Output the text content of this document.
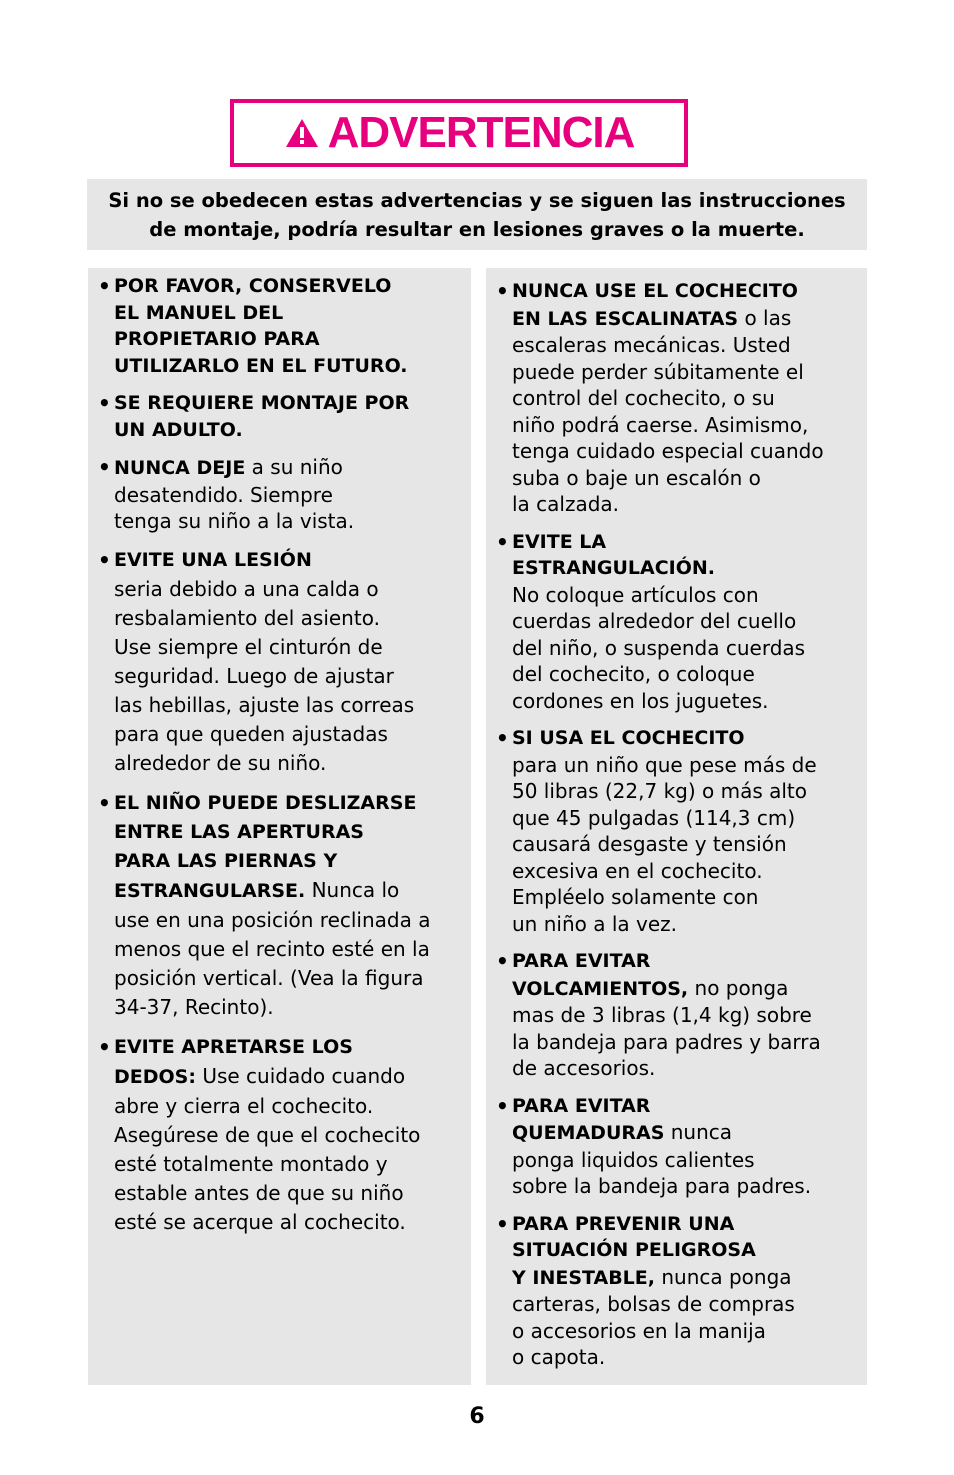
ADVERTENCIA
Si no se obedecen estas advertencias y se siguen las instrucciones
de montaje, podría resultar en lesiones graves o la muerte.
• POR FAVOR, CONSERVELO
EL MANUEL DEL
PROPIETARIO PARA
UTILIZARLO EN EL FUTURO.
• SE REQUIERE MONTAJE POR
UN ADULTO.
• NUNCA DEJE a su niño
desatendido. Siempre
tenga su niño a la vista.
• EVITE UNA LESIÓN
seria debido a una calda o
resbalamiento del asiento.
Use siempre el cinturón de
seguridad. Luego de ajustar
las hebillas, ajuste las correas
para que queden ajustadas
alrededor de su niño.
• EL NIÑO PUEDE DESLIZARSE
ENTRE LAS APERTURAS
PARA LAS PIERNAS Y
ESTRANGULARSE. Nunca lo
use en una posición reclinada a
menos que el recinto esté en la
posición vertical. (Vea la figura
34-37, Recinto).
• EVITE APRETARSE LOS
DEDOS: Use cuidado cuando
abre y cierra el cochecito.
Asegúrese de que el cochecito
esté totalmente montado y
estable antes de que su niño
esté se acerque al cochecito.
• NUNCA USE EL COCHECITO
EN LAS ESCALINATAS o las
escaleras mecánicas. Usted
puede perder súbitamente el
control del cochecito, o su
niño podrá caerse. Asimismo,
tenga cuidado especial cuando
suba o baje un escalón o
la calzada.
• EVITE LA
ESTRANGULACIÓN.
No coloque artículos con
cuerdas alrededor del cuello
del niño, o suspenda cuerdas
del cochecito, o coloque
cordones en los juguetes.
• SI USA EL COCHECITO
para un niño que pese más de
50 libras (22,7 kg) o más alto
que 45 pulgadas (114,3 cm)
causará desgaste y tensión
excesiva en el cochecito.
Empléelo solamente con
un niño a la vez.
• PARA EVITAR
VOLCAMIENTOS, no ponga
mas de 3 libras (1,4 kg) sobre
la bandeja para padres y barra
de accesorios.
• PARA EVITAR
QUEMADURAS nunca
ponga liquidos calientes
sobre la bandeja para padres.
• PARA PREVENIR UNA
SITUACIÓN PELIGROSA
Y INESTABLE, nunca ponga
carteras, bolsas de compras
o accesorios en la manija
o capota.
6
